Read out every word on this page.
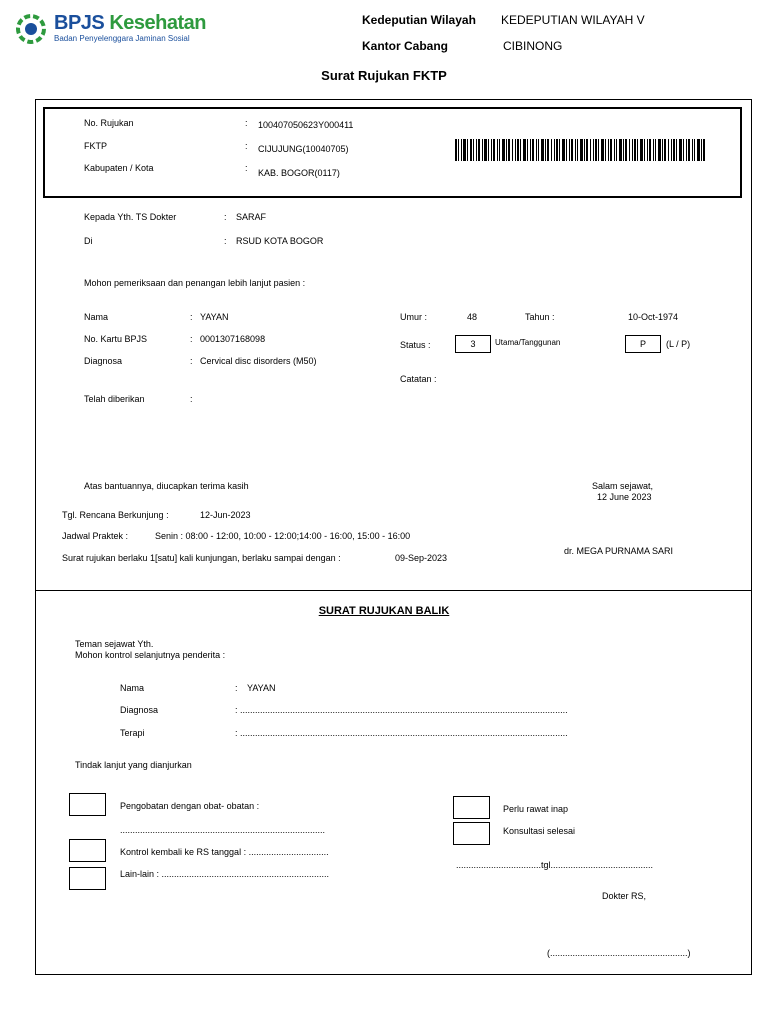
BPJS Kesehatan
Badan Penyelenggara Jaminan Sosial
Kedeputian Wilayah KEDEPUTIAN WILAYAH V
Kantor Cabang	CIBINONG
Surat Rujukan FKTP
No. Rujukan	: 100407050623Y000411
FKTP	: CIJUJUNG(10040705)
Kabupaten / Kota	: KAB. BOGOR(0117)
Kepada Yth. TS Dokter	: SARAF
Di	: RSUD KOTA BOGOR
Mohon pemeriksaan dan penangan lebih lanjut pasien :
Nama	: YAYAN
No. Kartu BPJS	: 0001307168098
Diagnosa	: Cervical disc disorders (M50)
Telah diberikan	:
Umur :	48	Tahun :	10-Oct-1974
Status :	3	Utama/Tanggunan	P	(L / P)
Catatan :
Atas bantuannya, diucapkan terima kasih	Salam sejawat,
12 June 2023
Tgl. Rencana Berkunjung :	12-Jun-2023
Jadwal Praktek :	Senin : 08:00 - 12:00, 10:00 - 12:00;14:00 - 16:00, 15:00 - 16:00
Surat rujukan berlaku 1[satu] kali kunjungan, berlaku sampai dengan :	09-Sep-2023
dr. MEGA PURNAMA SARI
SURAT RUJUKAN BALIK
Teman sejawat Yth.
Mohon kontrol selanjutnya penderita :
Nama	: YAYAN
Diagnosa	: ...................................................................................................................................
Terapi	: ...................................................................................................................................
Tindak lanjut yang dianjurkan
Pengobatan dengan obat- obatan :
..................................................................................
Kontrol kembali ke RS tanggal : ................................
Lain-lain : ...................................................................
Perlu rawat inap
Konsultasi selesai
..................................tgl.........................................
Dokter RS,
(.......................................................)
